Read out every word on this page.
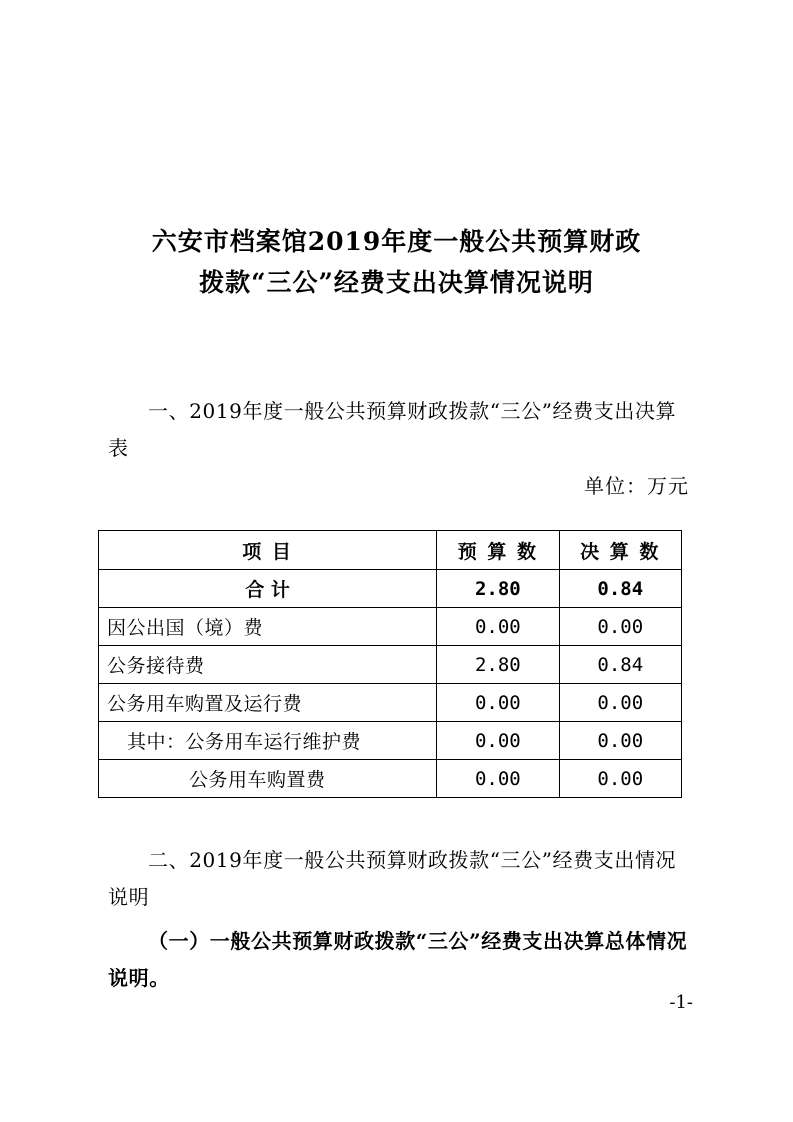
六安市档案馆2019年度一般公共预算财政
拨款“三公”经费支出决算情况说明

一、2019年度一般公共预算财政拨款“三公”经费支出决算表

单位：万元
项 目	预 算 数	决 算 数
合 计	2.80	0.84
因公出国（境）费	0.00	0.00
公务接待费	2.80	0.84
公务用车购置及运行费	0.00	0.00
其中：公务用车运行维护费	0.00	0.00
公务用车购置费	0.00	0.00

二、2019年度一般公共预算财政拨款“三公”经费支出情况说明

（一）一般公共预算财政拨款“三公”经费支出决算总体情况说明。

-1-
